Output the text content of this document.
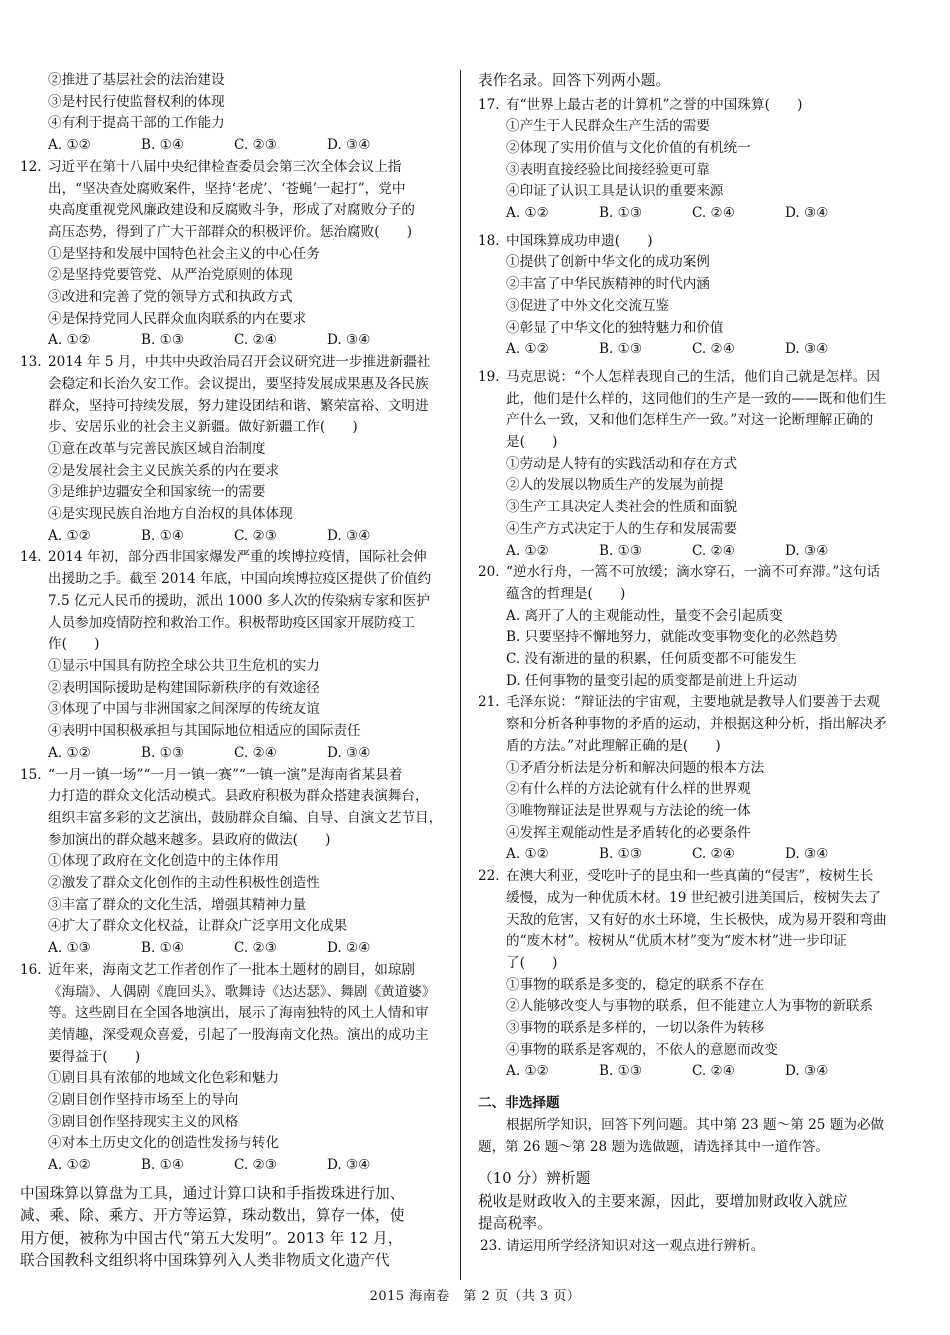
②推进了基层社会的法治建设
③是村民行使监督权利的体现
④有利于提高干部的工作能力
A. ①②	B. ①④	C. ②③	D. ③④
12. 习近平在第十八届中央纪律检查委员会第三次全体会议上指
出，“坚决查处腐败案件，坚持‘老虎’、‘苍蝇’一起打”，党中
央高度重视党风廉政建设和反腐败斗争，形成了对腐败分子的
高压态势，得到了广大干部群众的积极评价。惩治腐败(　　)
①是坚持和发展中国特色社会主义的中心任务
②是坚持党要管党、从严治党原则的体现
③改进和完善了党的领导方式和执政方式
④是保持党同人民群众血肉联系的内在要求
A. ①②	B. ①③	C. ②④	D. ③④
13. 2014 年 5 月，中共中央政治局召开会议研究进一步推进新疆社
会稳定和长治久安工作。会议提出，要坚持发展成果惠及各民族
群众，坚持可持续发展，努力建设团结和谐、繁荣富裕、文明进
步、安居乐业的社会主义新疆。做好新疆工作(　　)
①意在改革与完善民族区域自治制度
②是发展社会主义民族关系的内在要求
③是维护边疆安全和国家统一的需要
④是实现民族自治地方自治权的具体体现
A. ①②	B. ①④	C. ②③	D. ③④
14. 2014 年初，部分西非国家爆发严重的埃博拉疫情，国际社会伸
出援助之手。截至 2014 年底，中国向埃博拉疫区提供了价值约
7.5 亿元人民币的援助，派出 1000 多人次的传染病专家和医护
人员参加疫情防控和救治工作。积极帮助疫区国家开展防疫工
作(　　)
①显示中国具有防控全球公共卫生危机的实力
②表明国际援助是构建国际新秩序的有效途径
③体现了中国与非洲国家之间深厚的传统友谊
④表明中国积极承担与其国际地位相适应的国际责任
A. ①②	B. ①③	C. ②④	D. ③④
15. “一月一镇一场”“一月一镇一赛”“一镇一演”是海南省某县着
力打造的群众文化活动模式。县政府积极为群众搭建表演舞台，
组织丰富多彩的文艺演出，鼓励群众自编、自导、自演文艺节目，
参加演出的群众越来越多。县政府的做法(　　)
①体现了政府在文化创造中的主体作用
②激发了群众文化创作的主动性积极性创造性
③丰富了群众的文化生活，增强其精神力量
④扩大了群众文化权益，让群众广泛享用文化成果
A. ①③	B. ①④	C. ②③	D. ②④
16. 近年来，海南文艺工作者创作了一批本土题材的剧目，如琼剧
《海瑞》、人偶剧《鹿回头》、歌舞诗《达达瑟》、舞剧《黄道婆》
等。这些剧目在全国各地演出，展示了海南独特的风土人情和审
美情趣，深受观众喜爱，引起了一股海南文化热。演出的成功主
要得益于(　　)
①剧目具有浓郁的地域文化色彩和魅力
②剧目创作坚持市场至上的导向
③剧目创作坚持现实主义的风格
④对本土历史文化的创造性发扬与转化
A. ①②	B. ①④	C. ②③	D. ③④
中国珠算以算盘为工具，通过计算口诀和手指拨珠进行加、
减、乘、除、乘方、开方等运算，珠动数出，算存一体，使
用方便，被称为中国古代“第五大发明”。2013 年 12 月，
联合国教科文组织将中国珠算列入人类非物质文化遗产代
表作名录。回答下列两小题。
17. 有“世界上最古老的计算机”之誉的中国珠算(　　)
①产生于人民群众生产生活的需要
②体现了实用价值与文化价值的有机统一
③表明直接经验比间接经验更可靠
④印证了认识工具是认识的重要来源
A. ①②	B. ①③	C. ②④	D. ③④
18. 中国珠算成功申遗(　　)
①提供了创新中华文化的成功案例
②丰富了中华民族精神的时代内涵
③促进了中外文化交流互鉴
④彰显了中华文化的独特魅力和价值
A. ①②	B. ①③	C. ②④	D. ③④
19. 马克思说：“个人怎样表现自己的生活，他们自己就是怎样。因
此，他们是什么样的，这同他们的生产是一致的——既和他们生
产什么一致，又和他们怎样生产一致。”对这一论断理解正确的
是(　　)
①劳动是人特有的实践活动和存在方式
②人的发展以物质生产的发展为前提
③生产工具决定人类社会的性质和面貌
④生产方式决定于人的生存和发展需要
A. ①②	B. ①③	C. ②④	D. ③④
20. “逆水行舟，一篙不可放缓；滴水穿石，一滴不可弃滞。”这句话
蕴含的哲理是(　　)
A. 离开了人的主观能动性，量变不会引起质变
B. 只要坚持不懈地努力，就能改变事物变化的必然趋势
C. 没有渐进的量的积累，任何质变都不可能发生
D. 任何事物的量变引起的质变都是前进上升运动
21. 毛泽东说：“辩证法的宇宙观，主要地就是教导人们要善于去观
察和分析各种事物的矛盾的运动，并根据这种分析，指出解决矛
盾的方法。”对此理解正确的是(　　)
①矛盾分析法是分析和解决问题的根本方法
②有什么样的方法论就有什么样的世界观
③唯物辩证法是世界观与方法论的统一体
④发挥主观能动性是矛盾转化的必要条件
A. ①②	B. ①③	C. ②④	D. ③④
22. 在澳大利亚，受吃叶子的昆虫和一些真菌的“侵害”，桉树生长
缓慢，成为一种优质木材。19 世纪被引进美国后，桉树失去了
天敌的危害，又有好的水土环境，生长极快，成为易开裂和弯曲
的“废木材”。桉树从“优质木材”变为“废木材”进一步印证
了(　　)
①事物的联系是多变的，稳定的联系不存在
②人能够改变人与事物的联系，但不能建立人为事物的新联系
③事物的联系是多样的，一切以条件为转移
④事物的联系是客观的，不依人的意愿而改变
A. ①②	B. ①③	C. ②④	D. ③④
二、非选择题
根据所学知识，回答下列问题。其中第 23 题～第 25 题为必做
题，第 26 题～第 28 题为选做题，请选择其中一道作答。
（10 分）辨析题
税收是财政收入的主要来源，因此，要增加财政收入就应
提高税率。
23. 请运用所学经济知识对这一观点进行辨析。
2015 海南卷　第 2 页（共 3 页）
